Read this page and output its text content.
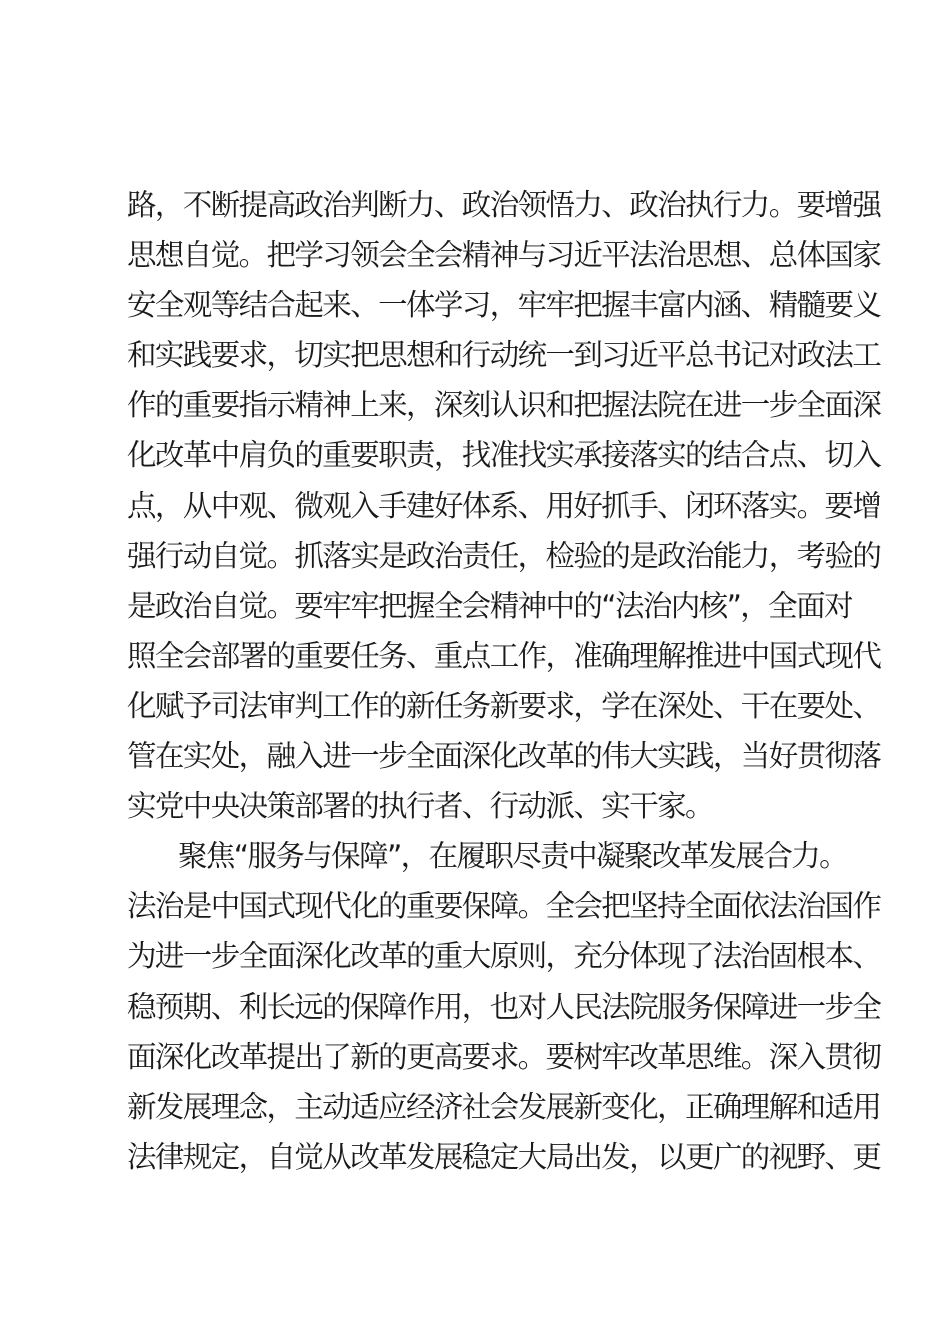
路，不断提高政治判断力、政治领悟力、政治执行力。要增强

思想自觉。把学习领会全会精神与习近平法治思想、总体国家

安全观等结合起来、一体学习，牢牢把握丰富内涵、精髓要义

和实践要求，切实把思想和行动统一到习近平总书记对政法工

作的重要指示精神上来，深刻认识和把握法院在进一步全面深

化改革中肩负的重要职责，找准找实承接落实的结合点、切入

点，从中观、微观入手建好体系、用好抓手、闭环落实。要增

强行动自觉。抓落实是政治责任，检验的是政治能力，考验的

是政治自觉。要牢牢把握全会精神中的“法治内核”，全面对

照全会部署的重要任务、重点工作，准确理解推进中国式现代

化赋予司法审判工作的新任务新要求，学在深处、干在要处、

管在实处，融入进一步全面深化改革的伟大实践，当好贯彻落

实党中央决策部署的执行者、行动派、实干家。

聚焦“服务与保障”，在履职尽责中凝聚改革发展合力。

法治是中国式现代化的重要保障。全会把坚持全面依法治国作

为进一步全面深化改革的重大原则，充分体现了法治固根本、

稳预期、利长远的保障作用，也对人民法院服务保障进一步全

面深化改革提出了新的更高要求。要树牢改革思维。深入贯彻

新发展理念，主动适应经济社会发展新变化，正确理解和适用

法律规定，自觉从改革发展稳定大局出发，以更广的视野、更
